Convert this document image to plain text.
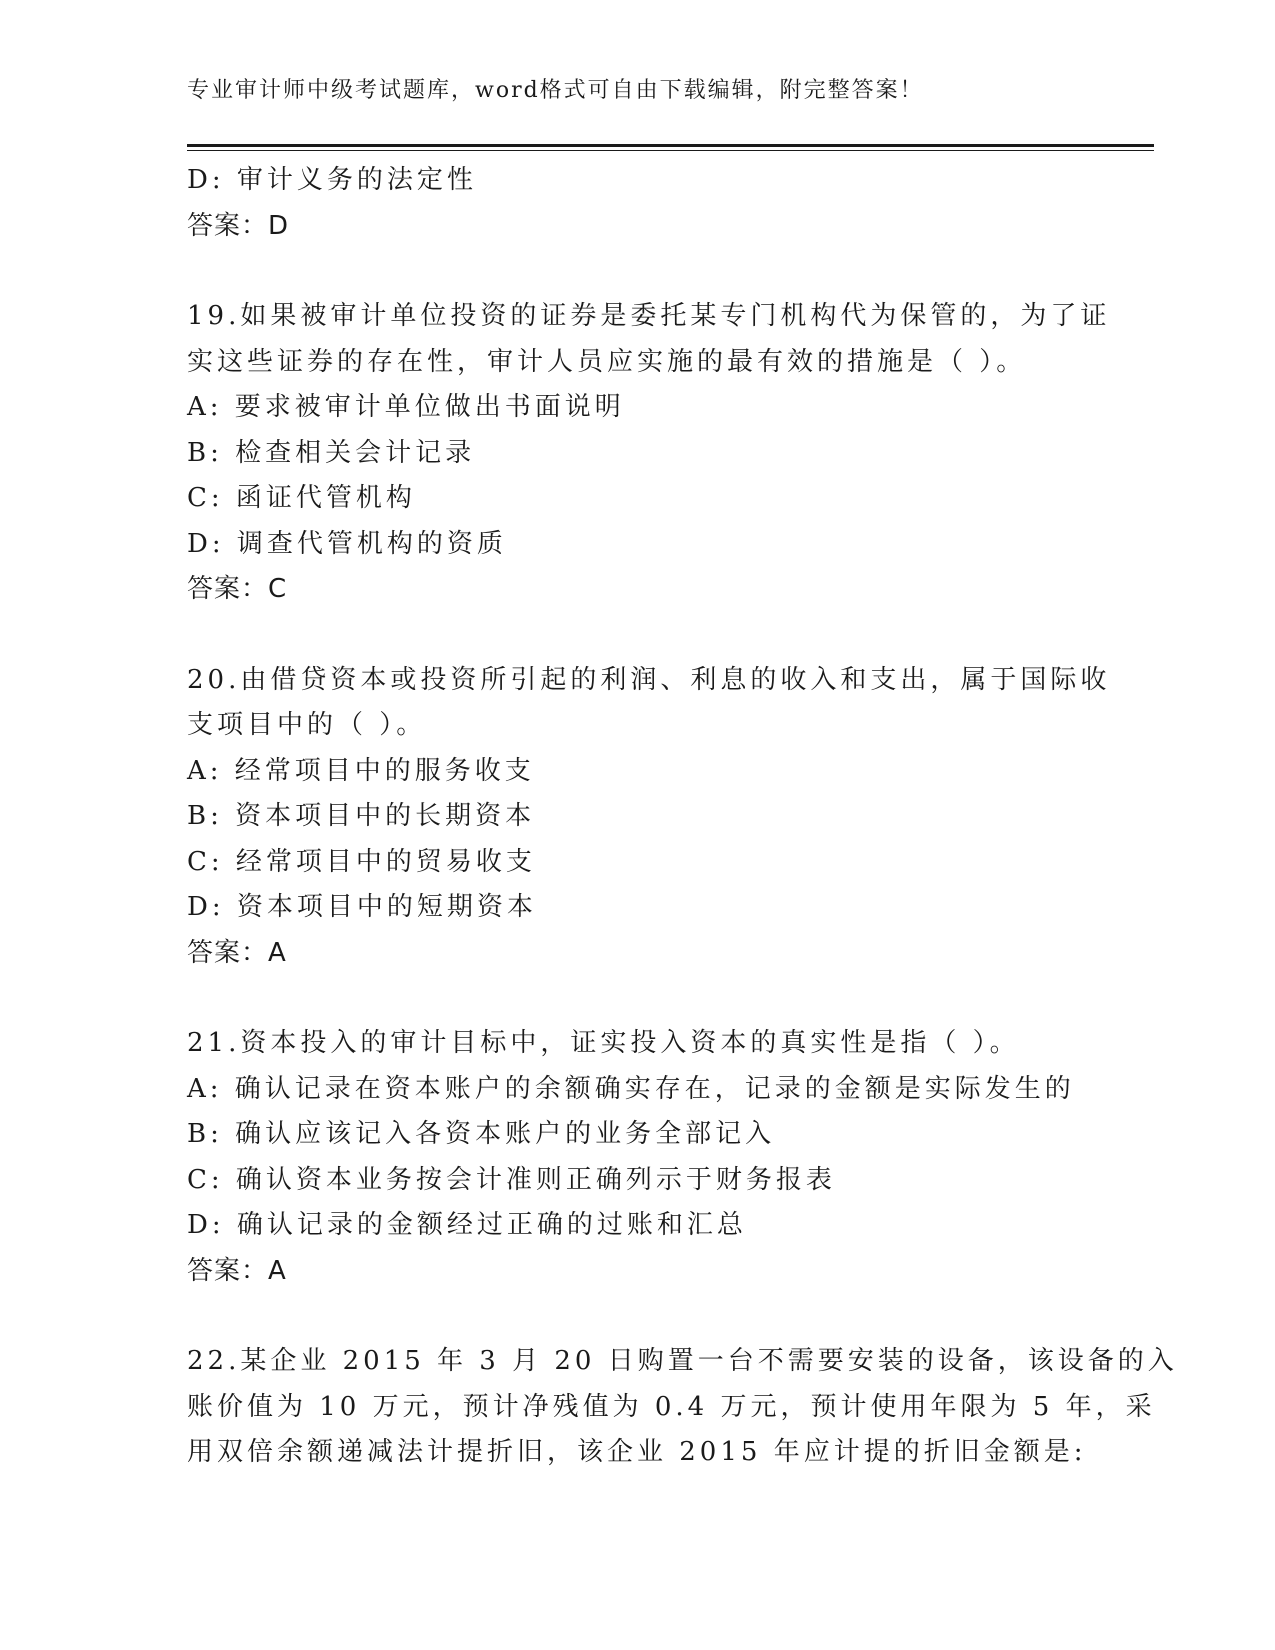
专业审计师中级考试题库，word格式可自由下载编辑，附完整答案！
D: 审计义务的法定性
答案：D
19.如果被审计单位投资的证券是委托某专门机构代为保管的，为了证
实这些证券的存在性，审计人员应实施的最有效的措施是（ ）。
A: 要求被审计单位做出书面说明
B: 检查相关会计记录
C: 函证代管机构
D: 调查代管机构的资质
答案：C
20.由借贷资本或投资所引起的利润、利息的收入和支出，属于国际收
支项目中的（ ）。
A: 经常项目中的服务收支
B: 资本项目中的长期资本
C: 经常项目中的贸易收支
D: 资本项目中的短期资本
答案：A
21.资本投入的审计目标中，证实投入资本的真实性是指（ ）。
A: 确认记录在资本账户的余额确实存在，记录的金额是实际发生的
B: 确认应该记入各资本账户的业务全部记入
C: 确认资本业务按会计准则正确列示于财务报表
D: 确认记录的金额经过正确的过账和汇总
答案：A
22.某企业 2015 年 3 月 20 日购置一台不需要安装的设备，该设备的入
账价值为 10 万元，预计净残值为 0.4 万元，预计使用年限为 5 年，采
用双倍余额递减法计提折旧，该企业 2015 年应计提的折旧金额是:
